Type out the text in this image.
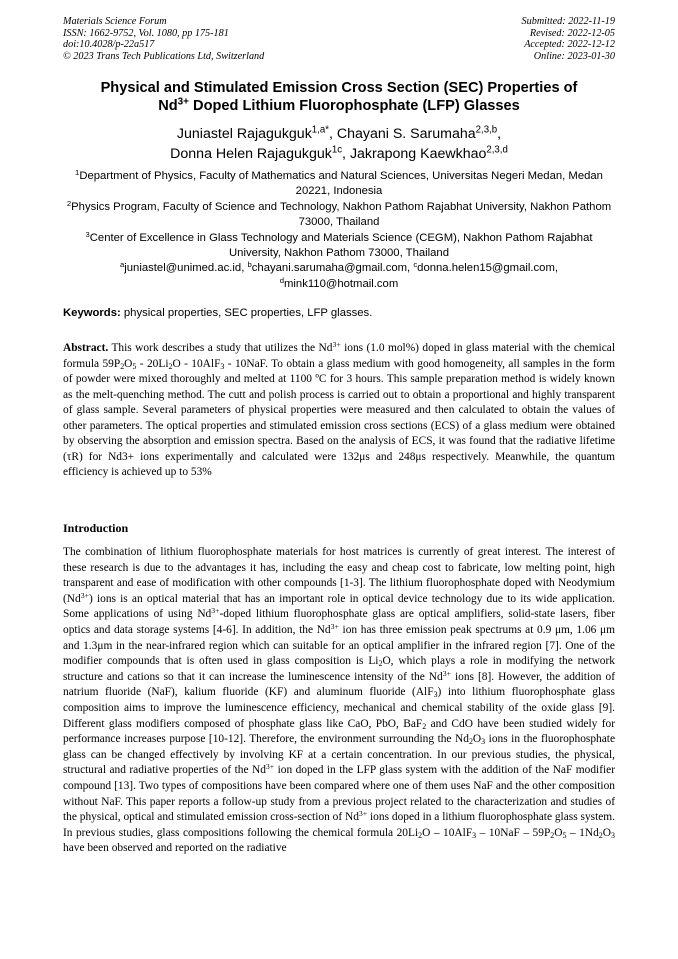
Materials Science Forum
ISSN: 1662-9752, Vol. 1080, pp 175-181
doi:10.4028/p-22a517
© 2023 Trans Tech Publications Ltd, Switzerland
Submitted: 2022-11-19
Revised: 2022-12-05
Accepted: 2022-12-12
Online: 2023-01-30
Physical and Stimulated Emission Cross Section (SEC) Properties of
$Nd^{3+}$ Doped Lithium Fluorophosphate (LFP) Glasses
Juniastel Rajagukguk$^{1,a*}$, Chayani S. Sarumaha$^{2,3,b}$,
Donna Helen Rajagukguk$^{1c}$, Jakrapong Kaewkhao$^{2,3,d}$
$^1$Department of Physics, Faculty of Mathematics and Natural Sciences, Universitas Negeri Medan, Medan 20221, Indonesia
$^2$Physics Program, Faculty of Science and Technology, Nakhon Pathom Rajabhat University, Nakhon Pathom 73000, Thailand
$^3$Center of Excellence in Glass Technology and Materials Science (CEGM), Nakhon Pathom Rajabhat University, Nakhon Pathom 73000, Thailand
$^a$juniastel@unimed.ac.id, $^b$chayani.sarumaha@gmail.com, $^c$donna.helen15@gmail.com,
$^d$mink110@hotmail.com
Keywords: physical properties, SEC properties, LFP glasses.
Abstract. This work describes a study that utilizes the $Nd^{3+}$ ions (1.0 mol%) doped in glass material with the chemical formula $59P_2O_5 - 20Li_2O - 10AlF_3 - 10NaF$. To obtain a glass medium with good homogeneity, all samples in the form of powder were mixed thoroughly and melted at 1100 ºC for 3 hours. This sample preparation method is widely known as the melt-quenching method. The cutt and polish process is carried out to obtain a proportional and highly transparent of glass sample. Several parameters of physical properties were measured and then calculated to obtain the values of other parameters. The optical properties and stimulated emission cross sections (ECS) of a glass medium were obtained by observing the absorption and emission spectra. Based on the analysis of ECS, it was found that the radiative lifetime (τR) for Nd3+ ions experimentally and calculated were 132μs and 248μs respectively. Meanwhile, the quantum efficiency is achieved up to 53%
Introduction
The combination of lithium fluorophosphate materials for host matrices is currently of great interest. The interest of these research is due to the advantages it has, including the easy and cheap cost to fabricate, low melting point, high transparent and ease of modification with other compounds [1-3]. The lithium fluorophosphate doped with Neodymium $(Nd^{3+})$ ions is an optical material that has an important role in optical device technology due to its wide application. Some applications of using $Nd^{3+}$-doped lithium fluorophosphate glass are optical amplifiers, solid-state lasers, fiber optics and data storage systems [4-6]. In addition, the $Nd^{3+}$ ion has three emission peak spectrums at 0.9 μm, 1.06 μm and 1.3μm in the near-infrared region which can suitable for an optical amplifier in the infrared region [7]. One of the modifier compounds that is often used in glass composition is $Li_2O$, which plays a role in modifying the network structure and cations so that it can increase the luminescence intensity of the $Nd^{3+}$ ions [8]. However, the addition of natrium fluoride (NaF), kalium fluoride (KF) and aluminum fluoride (AlF$_3$) into lithium fluorophosphate glass composition aims to improve the luminescence efficiency, mechanical and chemical stability of the oxide glass [9]. Different glass modifiers composed of phosphate glass like CaO, PbO, BaF$_2$ and CdO have been studied widely for performance increases purpose [10-12]. Therefore, the environment surrounding the $Nd_2O_3$ ions in the fluorophosphate glass can be changed effectively by involving KF at a certain concentration. In our previous studies, the physical, structural and radiative properties of the $Nd^{3+}$ ion doped in the LFP glass system with the addition of the NaF modifier compound [13]. Two types of compositions have been compared where one of them uses NaF and the other composition without NaF. This paper reports a follow-up study from a previous project related to the characterization and studies of the physical, optical and stimulated emission cross-section of $Nd^{3+}$ ions doped in a lithium fluorophosphate glass system. In previous studies, glass compositions following the chemical formula $20Li_2O - 10AlF_3 - 10NaF - 59P_2O_5 - 1Nd_2O_3$ have been observed and reported on the radiative
